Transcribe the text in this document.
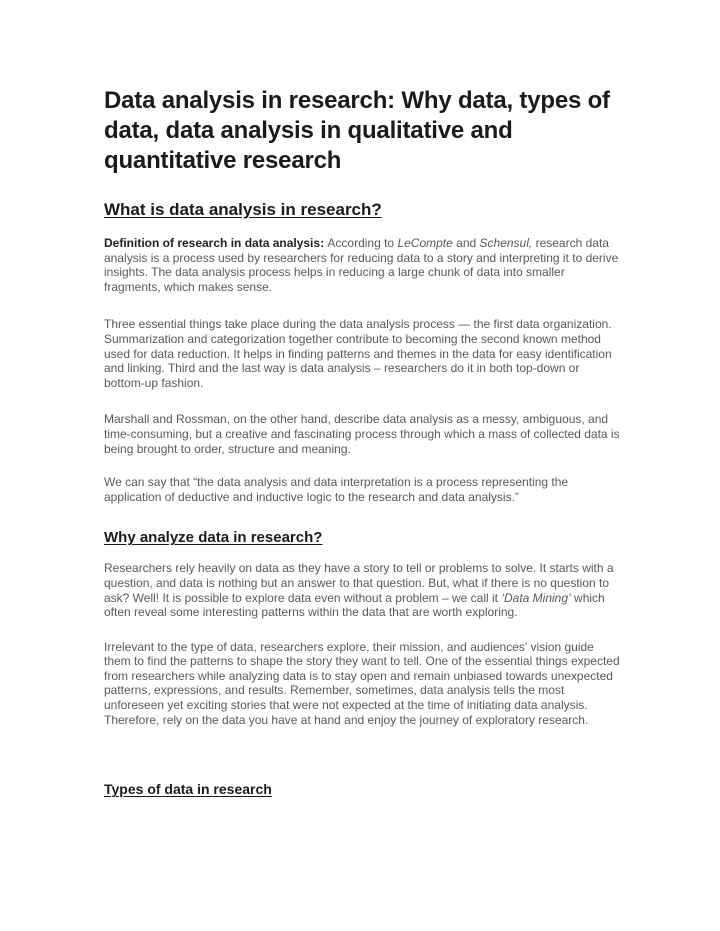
Data analysis in research: Why data, types of data, data analysis in qualitative and quantitative research
What is data analysis in research?

Definition of research in data analysis: According to LeCompte and Schensul, research data analysis is a process used by researchers for reducing data to a story and interpreting it to derive insights. The data analysis process helps in reducing a large chunk of data into smaller fragments, which makes sense.

Three essential things take place during the data analysis process — the first data organization. Summarization and categorization together contribute to becoming the second known method used for data reduction. It helps in finding patterns and themes in the data for easy identification and linking. Third and the last way is data analysis – researchers do it in both top-down or bottom-up fashion.

Marshall and Rossman, on the other hand, describe data analysis as a messy, ambiguous, and time-consuming, but a creative and fascinating process through which a mass of collected data is being brought to order, structure and meaning.

We can say that “the data analysis and data interpretation is a process representing the application of deductive and inductive logic to the research and data analysis.”

Why analyze data in research?

Researchers rely heavily on data as they have a story to tell or problems to solve. It starts with a question, and data is nothing but an answer to that question. But, what if there is no question to ask? Well! It is possible to explore data even without a problem – we call it ‘Data Mining’ which often reveal some interesting patterns within the data that are worth exploring.

Irrelevant to the type of data, researchers explore, their mission, and audiences’ vision guide them to find the patterns to shape the story they want to tell. One of the essential things expected from researchers while analyzing data is to stay open and remain unbiased towards unexpected patterns, expressions, and results. Remember, sometimes, data analysis tells the most unforeseen yet exciting stories that were not expected at the time of initiating data analysis. Therefore, rely on the data you have at hand and enjoy the journey of exploratory research.

Types of data in research
